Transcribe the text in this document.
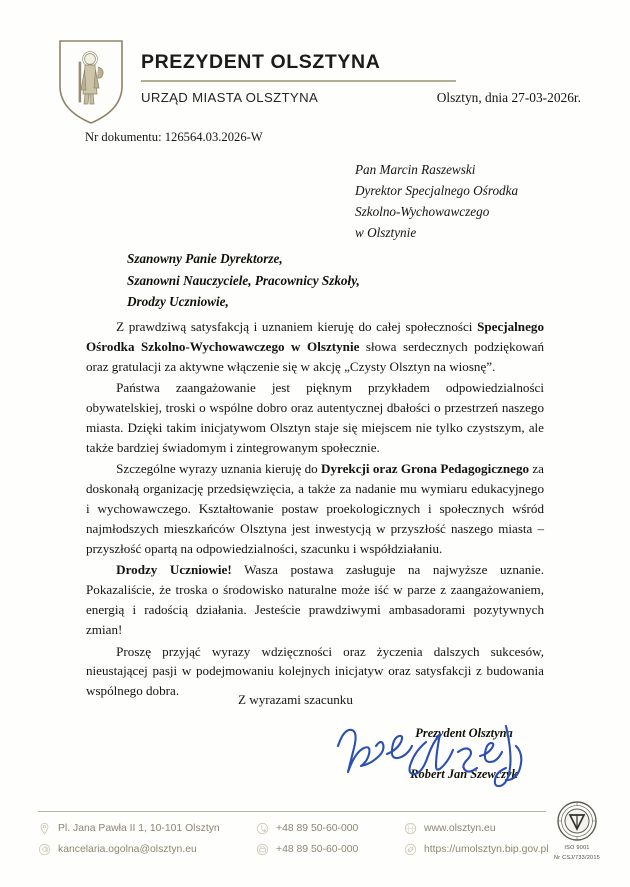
PREZYDENT OLSZTYNA
URZĄD MIASTA OLSZTYNA	Olsztyn, dnia 27-03-2026r.
Nr dokumentu: 126564.03.2026-W
Pan Marcin Raszewski
Dyrektor Specjalnego Ośrodka
Szkolno-Wychowawczego
w Olsztynie
Szanowny Panie Dyrektorze,
Szanowni Nauczyciele, Pracownicy Szkoły,
Drodzy Uczniowie,

Z prawdziwą satysfakcją i uznaniem kieruję do całej społeczności Specjalnego Ośrodka Szkolno-Wychowawczego w Olsztynie słowa serdecznych podziękowań oraz gratulacji za aktywne włączenie się w akcję „Czysty Olsztyn na wiosnę”.

Państwa zaangażowanie jest pięknym przykładem odpowiedzialności obywatelskiej, troski o wspólne dobro oraz autentycznej dbałości o przestrzeń naszego miasta. Dzięki takim inicjatywom Olsztyn staje się miejscem nie tylko czystszym, ale także bardziej świadomym i zintegrowanym społecznie.

Szczególne wyrazy uznania kieruję do Dyrekcji oraz Grona Pedagogicznego za doskonałą organizację przedsięwzięcia, a także za nadanie mu wymiaru edukacyjnego i wychowawczego. Kształtowanie postaw proekologicznych i społecznych wśród najmłodszych mieszkańców Olsztyna jest inwestycją w przyszłość naszego miasta – przyszłość opartą na odpowiedzialności, szacunku i współdziałaniu.

Drodzy Uczniowie! Wasza postawa zasługuje na najwyższe uznanie. Pokazaliście, że troska o środowisko naturalne może iść w parze z zaangażowaniem, energią i radością działania. Jesteście prawdziwymi ambasadorami pozytywnych zmian!

Proszę przyjąć wyrazy wdzięczności oraz życzenia dalszych sukcesów, nieustającej pasji w podejmowaniu kolejnych inicjatyw oraz satysfakcji z budowania wspólnego dobra.

Z wyrazami szacunku
Prezydent Olsztyna
Robert Jan Szewczyk
Pl. Jana Pawła II 1, 10-101 Olsztyn	+48 89 50-60-000	www.olsztyn.eu
kancelaria.ogolna@olsztyn.eu	+48 89 50-60-000	https://umolsztyn.bip.gov.pl	ISO 9001
Nr CSJ/733/2015
